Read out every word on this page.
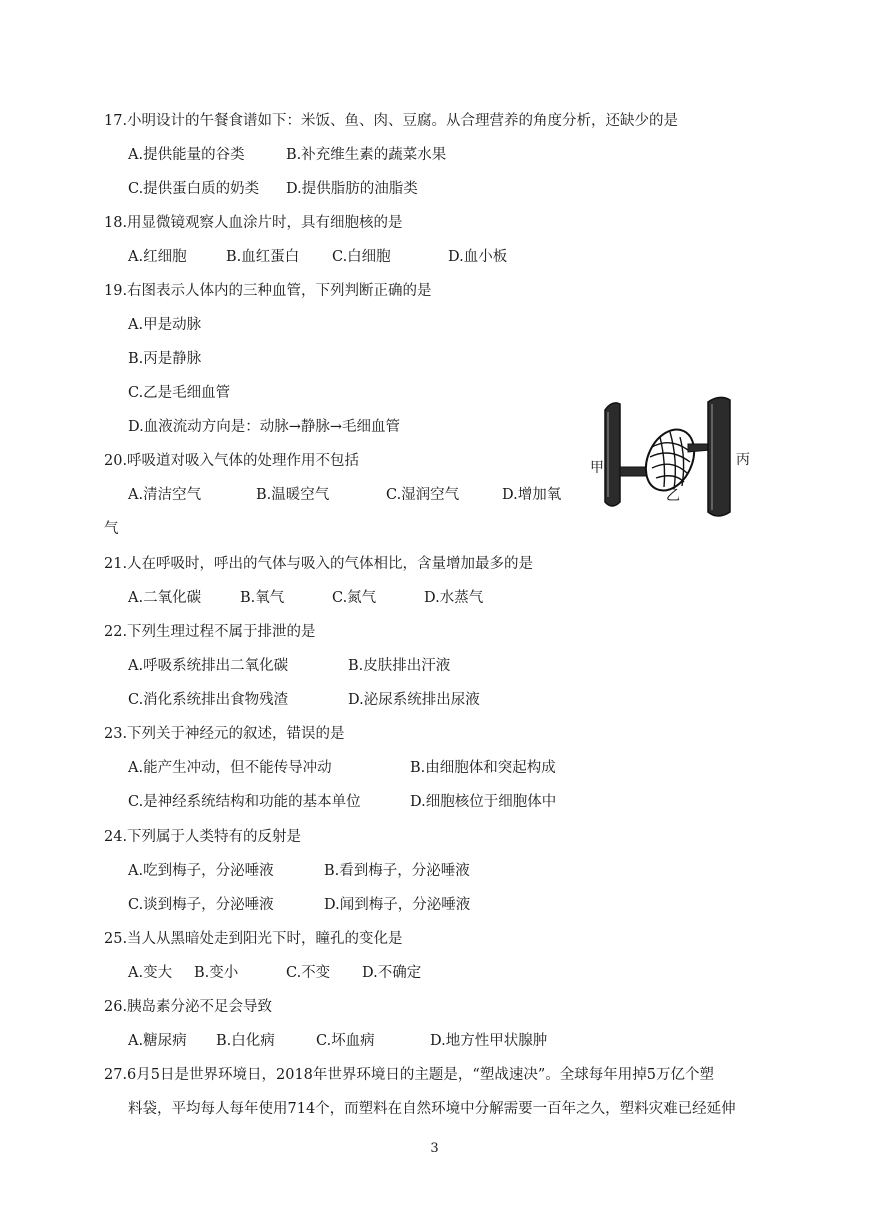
17.小明设计的午餐食谱如下：米饭、鱼、肉、豆腐。从合理营养的角度分析，还缺少的是
A.提供能量的谷类	B.补充维生素的蔬菜水果
C.提供蛋白质的奶类 D.提供脂肪的油脂类
18.用显微镜观察人血涂片时，具有细胞核的是
A.红细胞	B.血红蛋白 C.白细胞	D.血小板
19.右图表示人体内的三种血管，下列判断正确的是
A.甲是动脉
B.丙是静脉
C.乙是毛细血管
D.血液流动方向是：动脉→静脉→毛细血管
20.呼吸道对吸入气体的处理作用不包括
A.清洁空气	B.温暖空气	C.湿润空气	D.增加氧
气
21.人在呼吸时，呼出的气体与吸入的气体相比，含量增加最多的是
A.二氧化碳	B.氧气	C.氮气	D.水蒸气
22.下列生理过程不属于排泄的是
A.呼吸系统排出二氧化碳	B.皮肤排出汗液
C.消化系统排出食物残渣	D.泌尿系统排出尿液
23.下列关于神经元的叙述，错误的是
A.能产生冲动，但不能传导冲动	B.由细胞体和突起构成
C.是神经系统结构和功能的基本单位	D.细胞核位于细胞体中
24.下列属于人类特有的反射是
A.吃到梅子，分泌唾液	B.看到梅子，分泌唾液
C.谈到梅子，分泌唾液	D.闻到梅子，分泌唾液
25.当人从黑暗处走到阳光下时，瞳孔的变化是
A.变大 B.变小	C.不变 D.不确定
26.胰岛素分泌不足会导致
A.糖尿病 B.白化病	C.坏血病	D.地方性甲状腺肿
27.6月5日是世界环境日，2018年世界环境日的主题是，“塑战速决”。全球每年用掉5万亿个塑
料袋，平均每人每年使用714个，而塑料在自然环境中分解需要一百年之久，塑料灾难已经延伸
甲
乙
丙
3
